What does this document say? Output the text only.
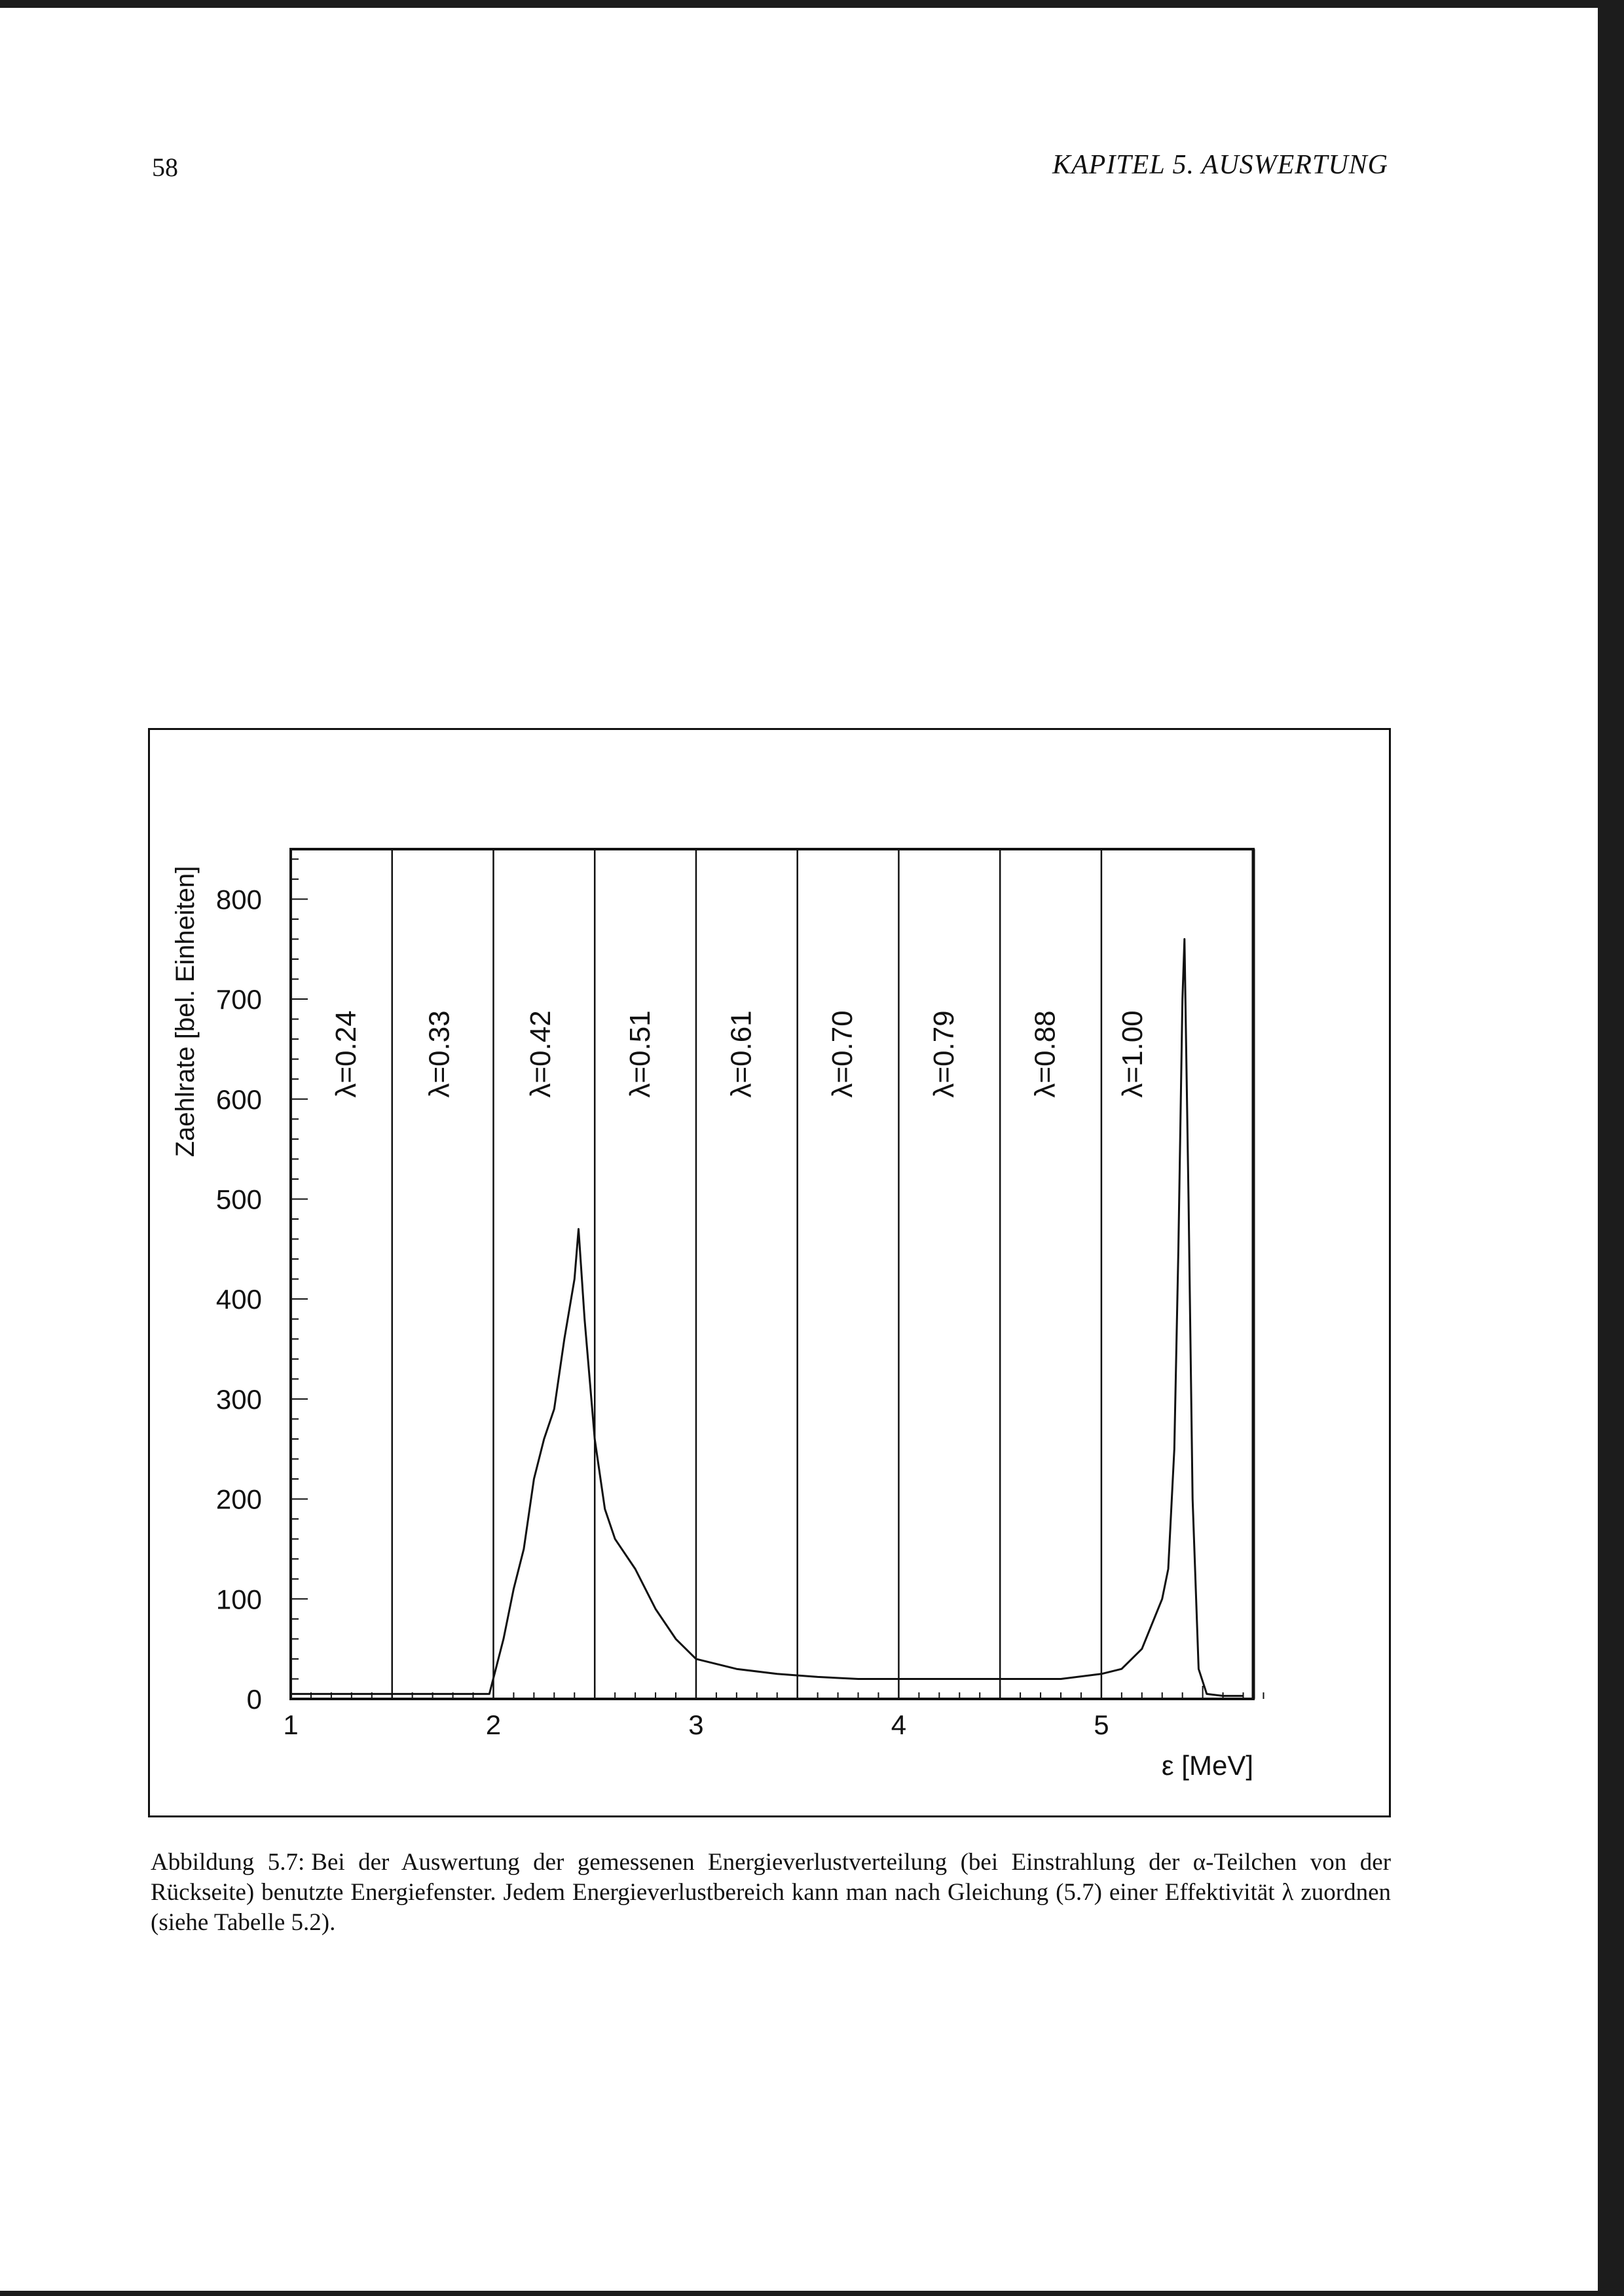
58	KAPITEL 5. AUSWERTUNG
λ=0.24 λ=0.33 λ=0.42 λ=0.51 λ=0.61 λ=0.70 λ=0.79 λ=0.88 λ=1.00
0
100
200
300
400
500
600
700
800
1	2	3	4	5
ε [MeV]
Zaehlrate [bel. Einheiten]
Abbildung 5.7: Bei der Auswertung der gemessenen Energieverlustverteilung (bei Einstrahlung der α-Teilchen von der Rückseite) benutzte Energiefenster. Jedem Energieverlustbereich kann man nach Gleichung (5.7) einer Effektivität λ zuordnen (siehe Tabelle 5.2).
